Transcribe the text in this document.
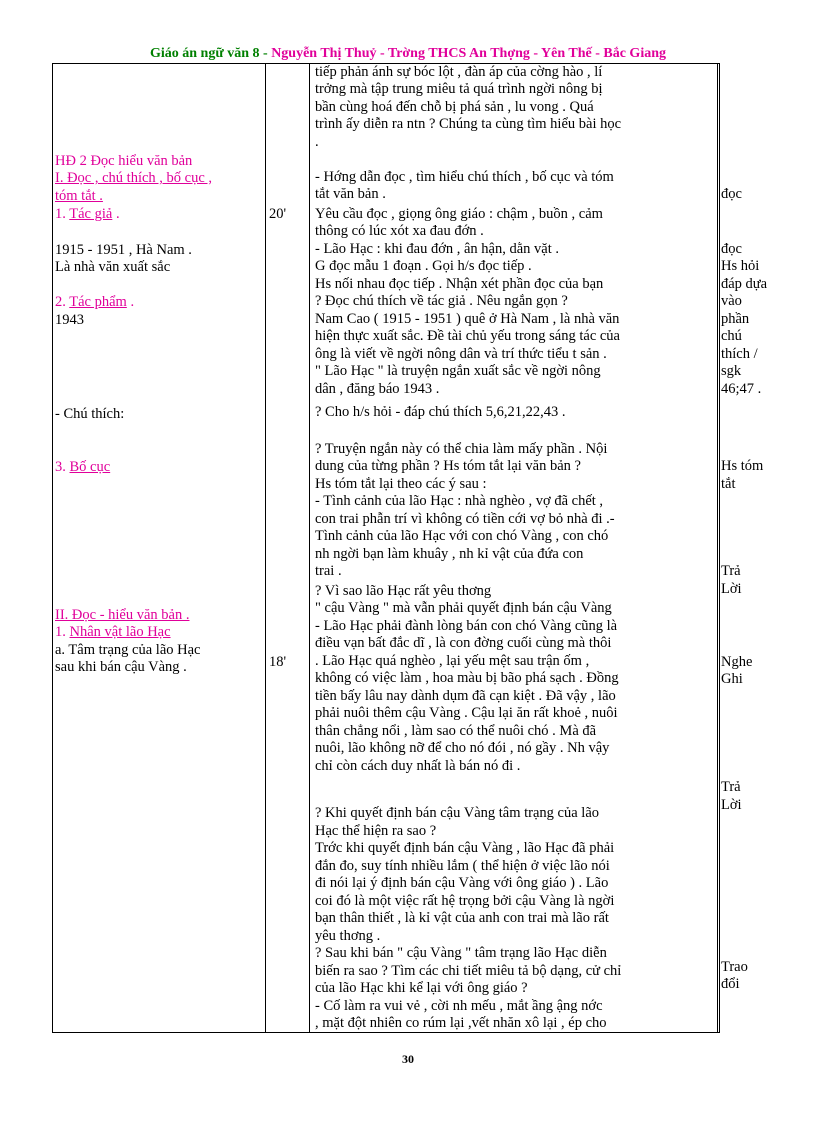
Giáo án ngữ văn 8 - Nguyễn Thị Thuỷ - Trờng THCS An Thợng - Yên Thế - Bắc Giang
HĐ 2 Đọc hiểu văn bản
I. Đọc , chú thích , bố cục ,
tóm tắt .
1. Tác giả .
1915 - 1951 , Hà Nam .
Là nhà văn xuất sắc
2. Tác phẩm .
1943
- Chú thích:
3. Bố cục
II. Đọc - hiểu văn bản .
1. Nhân vật lão Hạc
a. Tâm trạng của lão Hạc
sau khi bán cậu Vàng .
20'
18'
tiếp phản ánh sự bóc lột , đàn áp của cờng hào , lí
trởng mà tập trung miêu tả quá trình ngời nông bị
bần cùng hoá đến chỗ bị phá sản , lu vong . Quá
trình ấy diễn ra ntn ? Chúng ta cùng tìm hiểu bài học
.
- Hớng dẫn đọc , tìm hiểu chú thích , bố cục và tóm
tắt văn bản .
Yêu cầu đọc , giọng ông giáo : chậm , buồn , cảm
thông có lúc xót xa đau đớn .
- Lão Hạc : khi đau đớn , ân hận, dằn vặt .
G đọc mẫu 1 đoạn . Gọi h/s đọc tiếp .
Hs nối nhau đọc tiếp . Nhận xét phần đọc của bạn
? Đọc chú thích về tác giả . Nêu ngắn gọn ?
Nam Cao ( 1915 - 1951 ) quê ở Hà Nam , là nhà văn
hiện thực xuất sắc. Đề tài chủ yếu trong sáng tác của
ông là viết về ngời nông dân và trí thức tiểu t sản .
" Lão Hạc " là truyện ngắn xuất sắc về ngời nông
dân , đăng báo 1943 .
? Cho h/s hỏi - đáp chú thích 5,6,21,22,43 .
? Truyện ngắn này có thể chia làm mấy phần . Nội
dung của từng phần ? Hs tóm tắt lại văn bản ?
Hs tóm tắt lại theo các ý sau :
- Tình cảnh của lão Hạc : nhà nghèo , vợ đã chết ,
con trai phẫn trí vì không có tiền cới vợ bỏ nhà đi .-
Tình cảnh của lão Hạc với con chó Vàng , con chó
nh ngời bạn làm khuây , nh kỉ vật của đứa con
trai .
? Vì sao lão Hạc rất yêu thơng
" cậu Vàng " mà vẫn phải quyết định bán cậu Vàng
- Lão Hạc phải đành lòng bán con chó Vàng cũng là
điều vạn bất đắc dĩ , là con đờng cuối cùng mà thôi
. Lão Hạc quá nghèo , lại yếu mệt sau trận ốm ,
không có việc làm , hoa màu bị bão phá sạch . Đồng
tiền bấy lâu nay dành dụm đã cạn kiệt . Đã vậy , lão
phải nuôi thêm cậu Vàng . Cậu lại ăn rất khoẻ , nuôi
thân chẳng nổi , làm sao có thể nuôi chó . Mà đã
nuôi, lão không nỡ để cho nó đói , nó gầy . Nh vậy
chỉ còn cách duy nhất là bán nó đi .
? Khi quyết định bán cậu Vàng tâm trạng của lão
Hạc thể hiện ra sao ?
Trớc khi quyết định bán cậu Vàng , lão Hạc đã phải
đắn đo, suy tính nhiều lắm ( thể hiện ở việc lão nói
đi nói lại ý định bán cậu Vàng với ông giáo ) . Lão
coi đó là một việc rất hệ trọng bởi cậu Vàng là ngời
bạn thân thiết , là kỉ vật của anh con trai mà lão rất
yêu thơng .
? Sau khi bán " cậu Vàng " tâm trạng lão Hạc diễn
biến ra sao ? Tìm các chi tiết miêu tả bộ dạng, cử chỉ
của lão Hạc khi kể lại với ông giáo ?
- Cố làm ra vui vẻ , cời nh mếu , mắt ầng ậng nớc
, mặt đột nhiên co rúm lại ,vết nhăn xô lại , ép cho
đọc
đọc
Hs hỏi
đáp dựa
vào
phần
chú
thích /
sgk
46;47 .
Hs tóm
tắt
Trả
Lời
Nghe
Ghi
Trả
Lời
Trao
đổi
30
